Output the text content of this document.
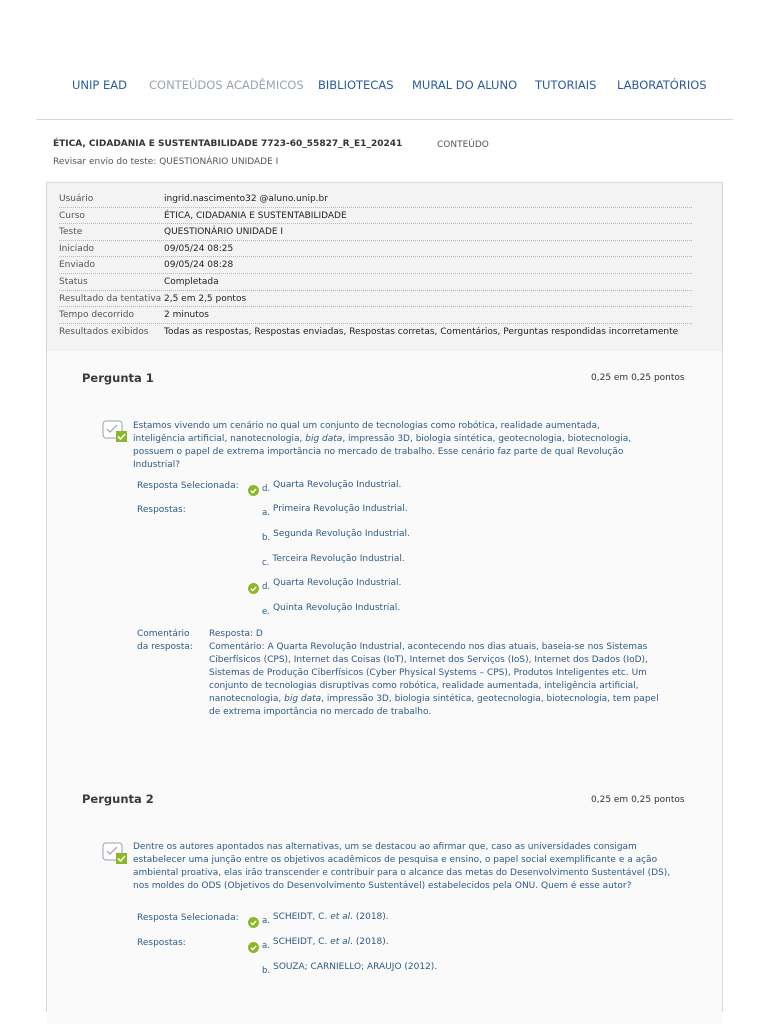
UNIP EAD CONTEÚDOS ACADÊMICOS BIBLIOTECAS MURAL DO ALUNO TUTORIAIS LABORATÓRIOS
ÉTICA, CIDADANIA E SUSTENTABILIDADE 7723-60_55827_R_E1_20241	CONTEÚDO
Revisar envio do teste: QUESTIONÁRIO UNIDADE I
Usuário	ingrid.nascimento32 @aluno.unip.br
Curso	ÉTICA, CIDADANIA E SUSTENTABILIDADE
Teste	QUESTIONÁRIO UNIDADE I
Iniciado	09/05/24 08:25
Enviado	09/05/24 08:28
Status	Completada
Resultado da tentativa 2,5 em 2,5 pontos
Tempo decorrido	2 minutos
Resultados exibidos Todas as respostas, Respostas enviadas, Respostas corretas, Comentários, Perguntas respondidas incorretamente
Pergunta 1	0,25 em 0,25 pontos
Estamos vivendo um cenário no qual um conjunto de tecnologias como robótica, realidade aumentada, inteligência artificial, nanotecnologia, big data, impressão 3D, biologia sintética, geotecnologia, biotecnologia, possuem o papel de extrema importância no mercado de trabalho. Esse cenário faz parte de qual Revolução Industrial?
Resposta Selecionada:	d. Quarta Revolução Industrial.
Respostas:	a. Primeira Revolução Industrial.
b. Segunda Revolução Industrial.
c. Terceira Revolução Industrial.
d. Quarta Revolução Industrial.
e. Quinta Revolução Industrial.
Comentário
da resposta:
Resposta: D
Comentário: A Quarta Revolução Industrial, acontecendo nos dias atuais, baseia-se nos Sistemas Ciberfísicos (CPS), Internet das Coisas (IoT), Internet dos Serviços (IoS), Internet dos Dados (IoD), Sistemas de Produção Ciberfísicos (Cyber Physical Systems – CPS), Produtos Inteligentes etc. Um conjunto de tecnologias disruptivas como robótica, realidade aumentada, inteligência artificial, nanotecnologia, big data, impressão 3D, biologia sintética, geotecnologia, biotecnologia, tem papel de extrema importância no mercado de trabalho.
Pergunta 2	0,25 em 0,25 pontos
Dentre os autores apontados nas alternativas, um se destacou ao afirmar que, caso as universidades consigam estabelecer uma junção entre os objetivos acadêmicos de pesquisa e ensino, o papel social exemplificante e a ação ambiental proativa, elas irão transcender e contribuir para o alcance das metas do Desenvolvimento Sustentável (DS), nos moldes do ODS (Objetivos do Desenvolvimento Sustentável) estabelecidos pela ONU. Quem é esse autor?
Resposta Selecionada:	a. SCHEIDT, C. et al. (2018).
Respostas:	a. SCHEIDT, C. et al. (2018).
b. SOUZA; CARNIELLO; ARAUJO (2012).
